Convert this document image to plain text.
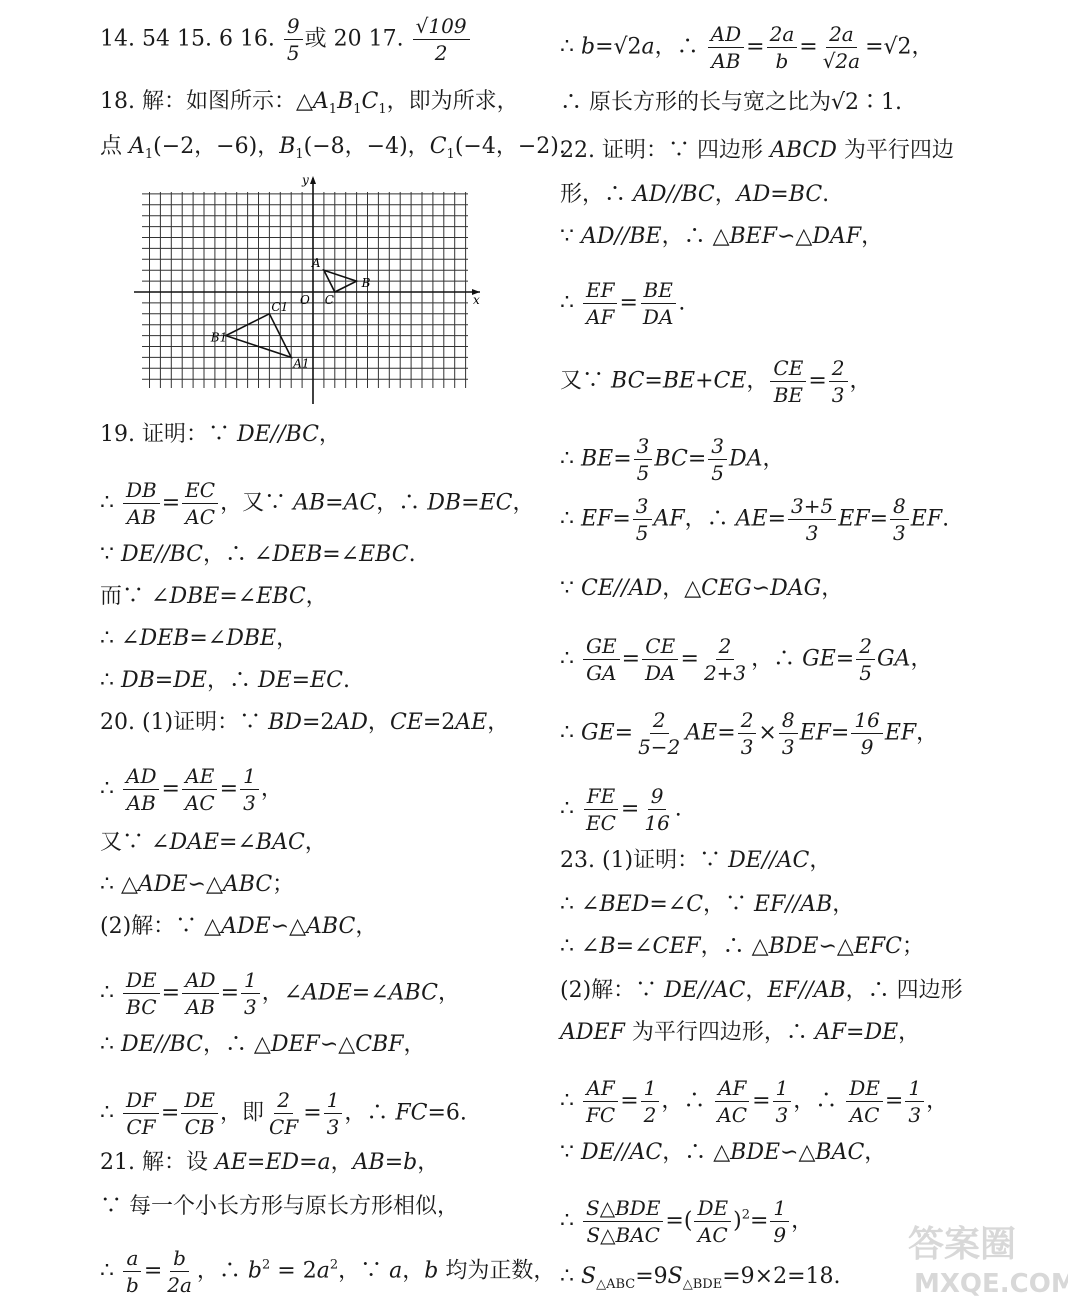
14. 54 15. 6 16. $\frac{9}{5}$ 或 20 17. $\frac{√109}{2}$
18. 解：如图所示：$\triangle A_1B_1C_1$，即为所求，
点 $A_1(-2$，−6)，$B_1(-8$，−4)，$C_1(-4$，−2).
19. 证明：∵ DE//BC，
∴ $\frac{DB}{AB} = \frac{EC}{AC}$ ，又∵ AB=AC，∴ DB=EC，
∵ DE//BC，∴ ∠DEB=∠EBC.
而∵ ∠DBE=∠EBC，
∴ ∠DEB=∠DBE，
∴ DB=DE，∴ DE=EC.
20. (1)证明：∵ BD=2AD，CE=2AE，
∴ $\frac{AD}{AB} = \frac{AE}{AC} = \frac{1}{3}$ ，
又∵ ∠DAE=∠BAC，
∴ △ADE∽△ABC；
(2)解：∵ △ADE∽△ABC，
∴ $\frac{DE}{BC} = \frac{AD}{AB} = \frac{1}{3}$ ，∠ADE=∠ABC，
∴ DE//BC，∴ △DEF∽△CBF，
∴ $\frac{DF}{CF} = \frac{DE}{CB}$ ，即 $\frac{2}{CF} = \frac{1}{3}$ ，∴ FC=6.
21. 解：设 AE=ED=a，AB=b，
∵ 每一个小长方形与原长方形相似，
∴ $\frac{a}{b} = \frac{b}{2a}$ ，∴ $b^2 = 2a^2$，∵ a，b 均为正数，
∴ b=√2a，∴ $\frac{AD}{AB} = \frac{2a}{b} = \frac{2a}{√2a} =√2$，
∴ 原长方形的长与宽之比为√2∶1.
22. 证明：∵ 四边形 ABCD 为平行四边
形，∴ AD//BC，AD=BC.
∵ AD//BE，∴ △BEF∽△DAF，
∴ $\frac{EF}{AF} = \frac{BE}{DA}$ .
又∵ BC=BE+CE， $\frac{CE}{BE} = \frac{2}{3}$ ，
∴ $BE= \frac{3}{5} BC= \frac{3}{5}$ DA，
∴ $EF= \frac{3}{5}$ AF，∴ $AE= \frac{3+5}{3} EF= \frac{8}{3}$ EF.
∵ CE//AD，△CEG∽DAG，
∴ $\frac{GE}{GA} = \frac{CE}{DA} = \frac{2}{2+3}$ ，∴ $GE= \frac{2}{5}$ GA，
∴ $GE= \frac{2}{5-2} AE= \frac{2}{3} \times \frac{8}{3} EF= \frac{16}{9}$ EF，
∴ $\frac{FE}{EC} = \frac{9}{16}$ .
23. (1)证明：∵ DE//AC，
∴ ∠BED=∠C，∵ EF//AB，
∴ ∠B=∠CEF，∴ △BDE∽△EFC；
(2)解：∵ DE//AC，EF//AB，∴ 四边形
ADEF 为平行四边形，∴ AF=DE，
∴ $\frac{AF}{FC} = \frac{1}{2}$ ，∴ $\frac{AF}{AC} = \frac{1}{3}$ ，∴ $\frac{DE}{AC} = \frac{1}{3}$ ，
∵ DE//AC，∴ △BDE∽△BAC，
∴ $\frac{\text{S△BDE}}{\text{S△BAC}}$ =( $\frac{DE}{AC} )^2= \frac{1}{9}$ ，
∴ $S_{\triangle ABC}=9S_{\triangle BDE}=9\times 2=18$.
x
y
O
A
B
C
A1
B1
C1
答案圈
MXQE.COM
